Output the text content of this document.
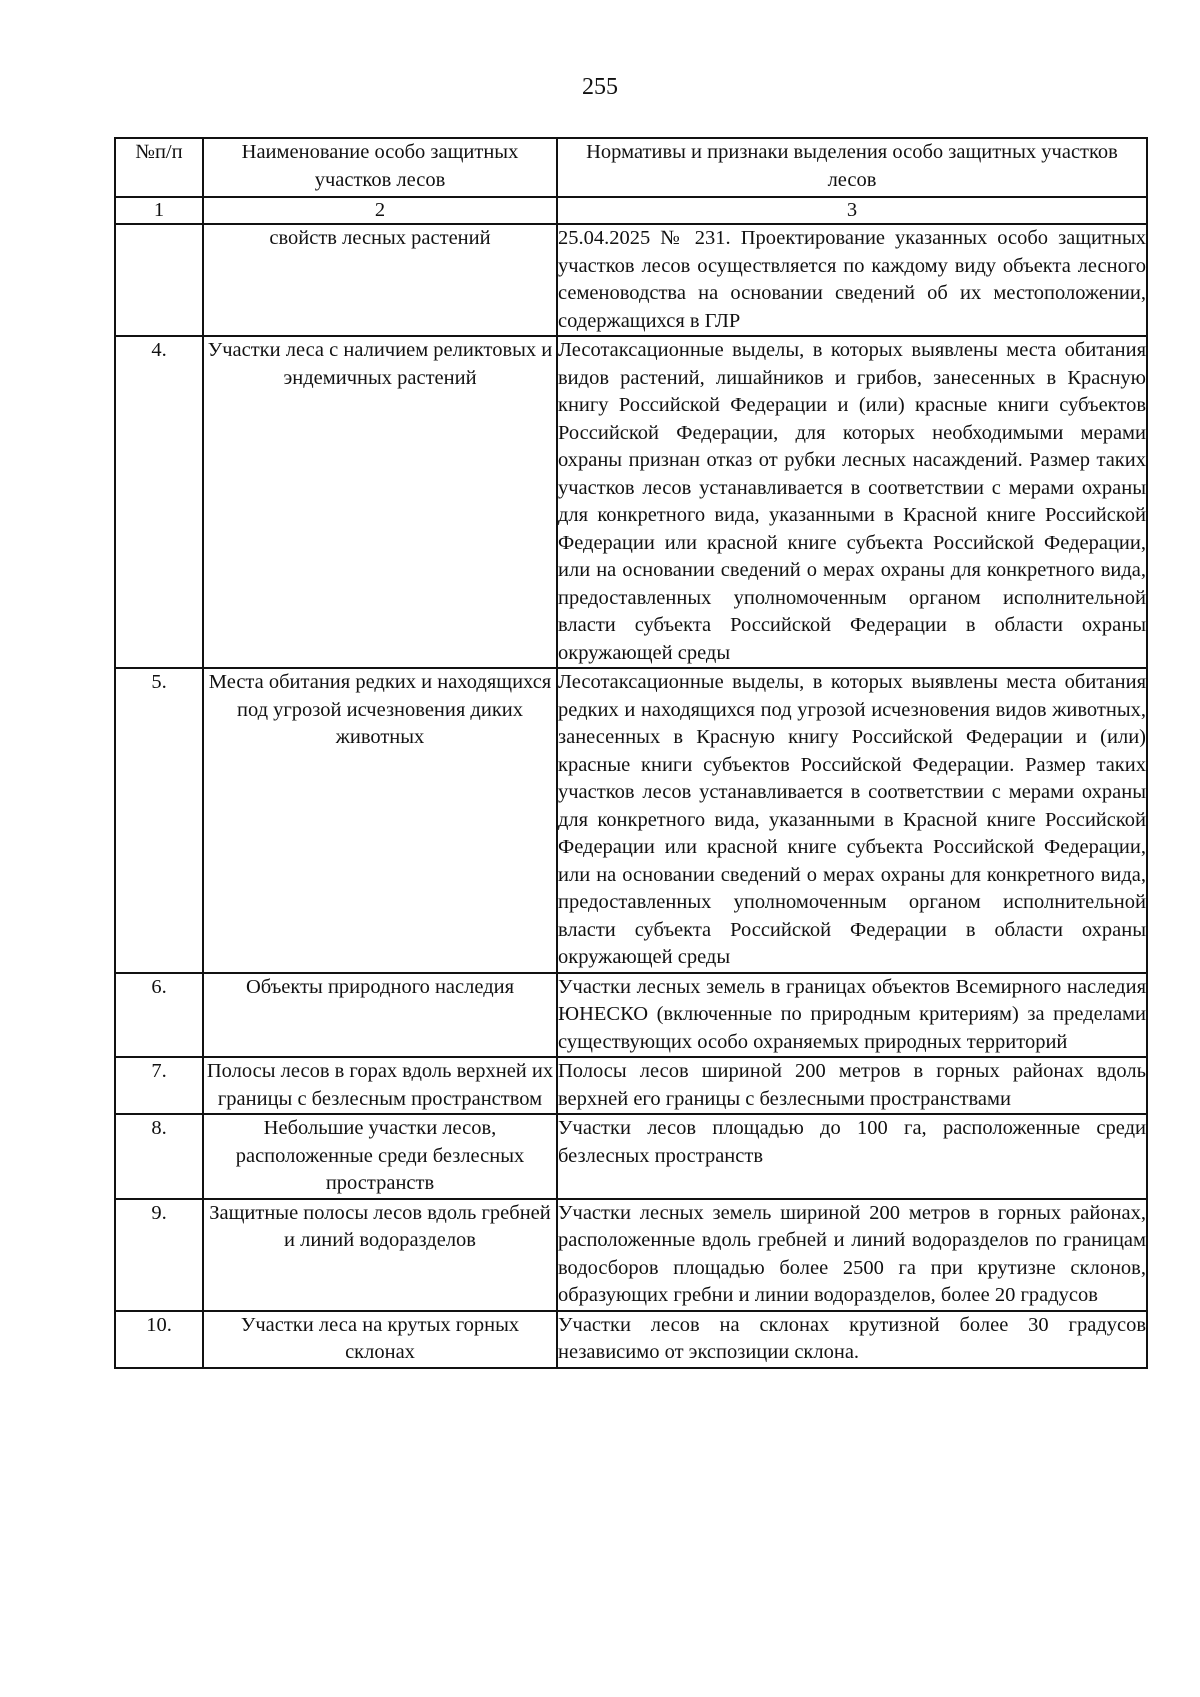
255
№п/п	Наименование особо защитных участков лесов	Нормативы и признаки выделения особо защитных участков лесов
1	2	3
	свойств лесных растений	25.04.2025 № 231. Проектирование указанных особо защитных участков лесов осуществляется по каждому виду объекта лесного семеноводства на основании сведений об их местоположении, содержащихся в ГЛР
4.	Участки леса с наличием реликтовых и эндемичных растений	Лесотаксационные выделы, в которых выявлены места обитания видов растений, лишайников и грибов, занесенных в Красную книгу Российской Федерации и (или) красные книги субъектов Российской Федерации, для которых необходимыми мерами охраны признан отказ от рубки лесных насаждений. Размер таких участков лесов устанавливается в соответствии с мерами охраны для конкретного вида, указанными в Красной книге Российской Федерации или красной книге субъекта Российской Федерации, или на основании сведений о мерах охраны для конкретного вида, предоставленных уполномоченным органом исполнительной власти субъекта Российской Федерации в области охраны окружающей среды
5.	Места обитания редких и находящихся под угрозой исчезновения диких животных	Лесотаксационные выделы, в которых выявлены места обитания редких и находящихся под угрозой исчезновения видов животных, занесенных в Красную книгу Российской Федерации и (или) красные книги субъектов Российской Федерации. Размер таких участков лесов устанавливается в соответствии с мерами охраны для конкретного вида, указанными в Красной книге Российской Федерации или красной книге субъекта Российской Федерации, или на основании сведений о мерах охраны для конкретного вида, предоставленных уполномоченным органом исполнительной власти субъекта Российской Федерации в области охраны окружающей среды
6.	Объекты природного наследия	Участки лесных земель в границах объектов Всемирного наследия ЮНЕСКО (включенные по природным критериям) за пределами существующих особо охраняемых природных территорий
7.	Полосы лесов в горах вдоль верхней их границы с безлесным пространством	Полосы лесов шириной 200 метров в горных районах вдоль верхней его границы с безлесными пространствами
8.	Небольшие участки лесов, расположенные среди безлесных пространств	Участки лесов площадью до 100 га, расположенные среди безлесных пространств
9.	Защитные полосы лесов вдоль гребней и линий водоразделов	Участки лесных земель шириной 200 метров в горных районах, расположенные вдоль гребней и линий водоразделов по границам водосборов площадью более 2500 га при крутизне склонов, образующих гребни и линии водоразделов, более 20 градусов
10.	Участки леса на крутых горных склонах	Участки лесов на склонах крутизной более 30 градусов независимо от экспозиции склона.
